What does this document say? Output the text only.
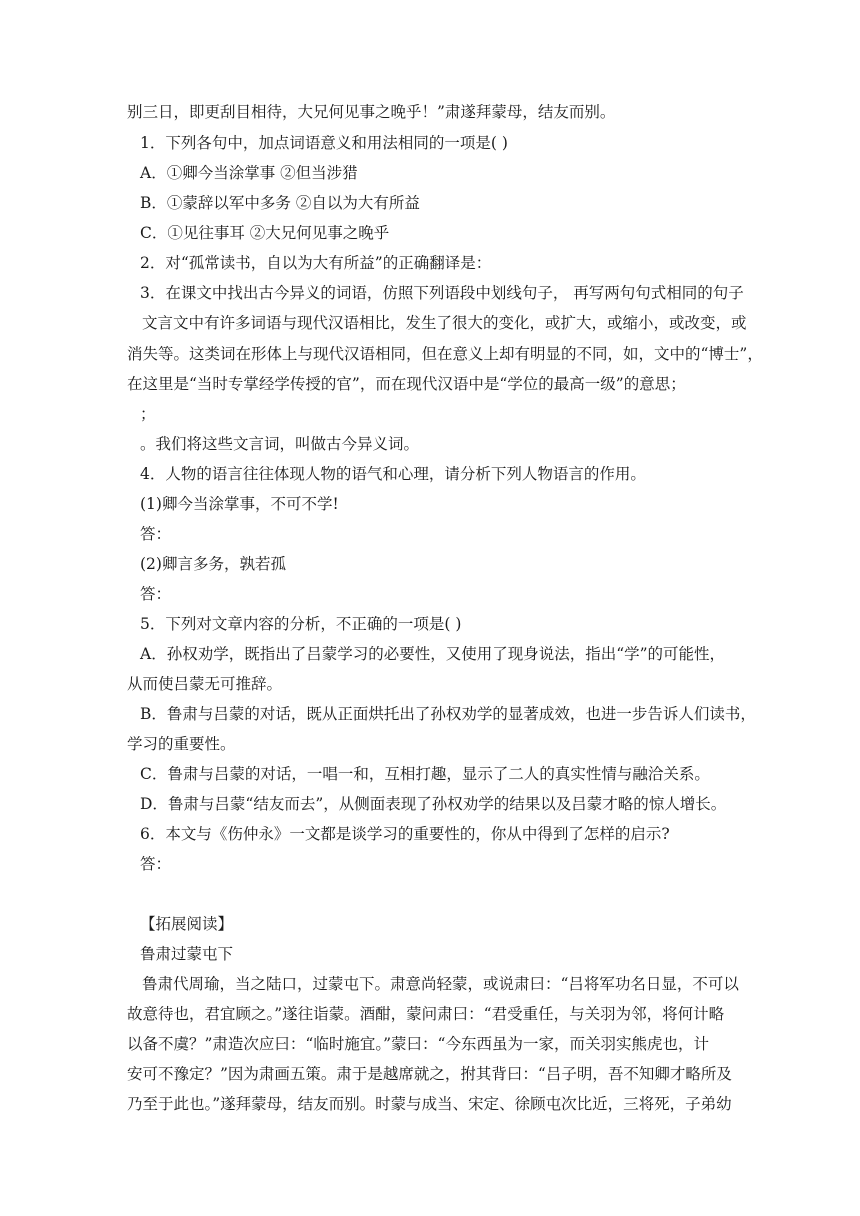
别三日，即更刮目相待，大兄何见事之晚乎！”肃遂拜蒙母，结友而别。
1．下列各句中，加点词语意义和用法相同的一项是( )
A．①卿今当涂掌事 ②但当涉猎
B．①蒙辞以军中多务 ②自以为大有所益
C．①见往事耳 ②大兄何见事之晚乎
2．对“孤常读书，自以为大有所益”的正确翻译是：
3．在课文中找出古今异义的词语，仿照下列语段中划线句子， 再写两句句式相同的句子
文言文中有许多词语与现代汉语相比，发生了很大的变化，或扩大，或缩小，或改变，或
消失等。这类词在形体上与现代汉语相同，但在意义上却有明显的不同，如，文中的“博士”，
在这里是“当时专掌经学传授的官”，而在现代汉语中是“学位的最高一级”的意思；
；
。我们将这些文言词，叫做古今异义词。
4．人物的语言往往体现人物的语气和心理，请分析下列人物语言的作用。
(1)卿今当涂掌事，不可不学!
答：
(2)卿言多务，孰若孤
答：
5．下列对文章内容的分析，不正确的一项是( )
A．孙权劝学，既指出了吕蒙学习的必要性，又使用了现身说法，指出“学”的可能性，
从而使吕蒙无可推辞。
B．鲁肃与吕蒙的对话，既从正面烘托出了孙权劝学的显著成效，也进一步告诉人们读书，
学习的重要性。
C．鲁肃与吕蒙的对话，一唱一和，互相打趣，显示了二人的真实性情与融洽关系。
D．鲁肃与吕蒙“结友而去”，从侧面表现了孙权劝学的结果以及吕蒙才略的惊人增长。
6．本文与《伤仲永》一文都是谈学习的重要性的，你从中得到了怎样的启示?
答：
【拓展阅读】
鲁肃过蒙屯下
鲁肃代周瑜，当之陆口，过蒙屯下。肃意尚轻蒙，或说肃曰：“吕将军功名日显，不可以
故意待也，君宜顾之。”遂往诣蒙。酒酣，蒙问肃曰：“君受重任，与关羽为邻，将何计略
以备不虞？”肃造次应曰：“临时施宜。”蒙曰：“今东西虽为一家，而关羽实熊虎也，计
安可不豫定？”因为肃画五策。肃于是越席就之，拊其背曰：“吕子明，吾不知卿才略所及
乃至于此也。”遂拜蒙母，结友而别。时蒙与成当、宋定、徐顾屯次比近，三将死，子弟幼
